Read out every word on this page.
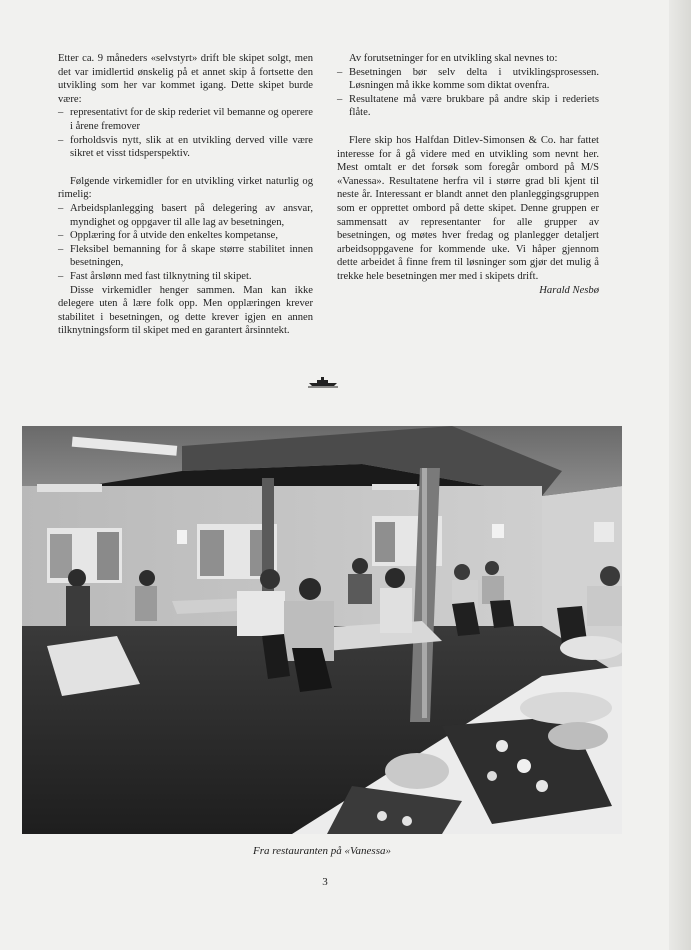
Etter ca. 9 måneders «selvstyrt» drift ble skipet solgt, men det var imidlertid ønskelig på et annet skip å fortsette den utvikling som her var kommet igang. Dette skipet burde være:

– representativt for de skip rederiet vil bemanne og operere i årene fremover
– forholdsvis nytt, slik at en utvikling derved ville være sikret et visst tidsperspektiv.

Følgende virkemidler for en utvikling virket naturlig og rimelig:

– Arbeidsplanlegging basert på delegering av ansvar, myndighet og oppgaver til alle lag av besetningen,
– Opplæring for å utvide den enkeltes kompetanse,
– Fleksibel bemanning for å skape større stabilitet innen besetningen,
– Fast årslønn med fast tilknytning til skipet.

Disse virkemidler henger sammen. Man kan ikke delegere uten å lære folk opp. Men opplæringen krever stabilitet i besetningen, og dette krever igjen en annen tilknytningsform til skipet med en garantert årsinntekt.

Av forutsetninger for en utvikling skal nevnes to:

– Besetningen bør selv delta i utviklingsprosessen. Løsningen må ikke komme som diktat ovenfra.
– Resultatene må være brukbare på andre skip i rederiets flåte.

Flere skip hos Halfdan Ditlev-Simonsen & Co. har fattet interesse for å gå videre med en utvikling som nevnt her. Mest omtalt er det forsøk som foregår ombord på M/S «Vanessa». Resultatene herfra vil i større grad bli kjent til neste år. Interessant er blandt annet den planleggingsgruppen som er opprettet ombord på dette skipet. Denne gruppen er sammensatt av representanter for alle grupper av besetningen, og møtes hver fredag og planlegger detaljert arbeidsoppgavene for kommende uke. Vi håper gjennom dette arbeidet å finne frem til løsninger som gjør det mulig å trekke hele besetningen mer med i skipets drift.

Harald Nesbø

Fra restauranten på «Vanessa»
3
